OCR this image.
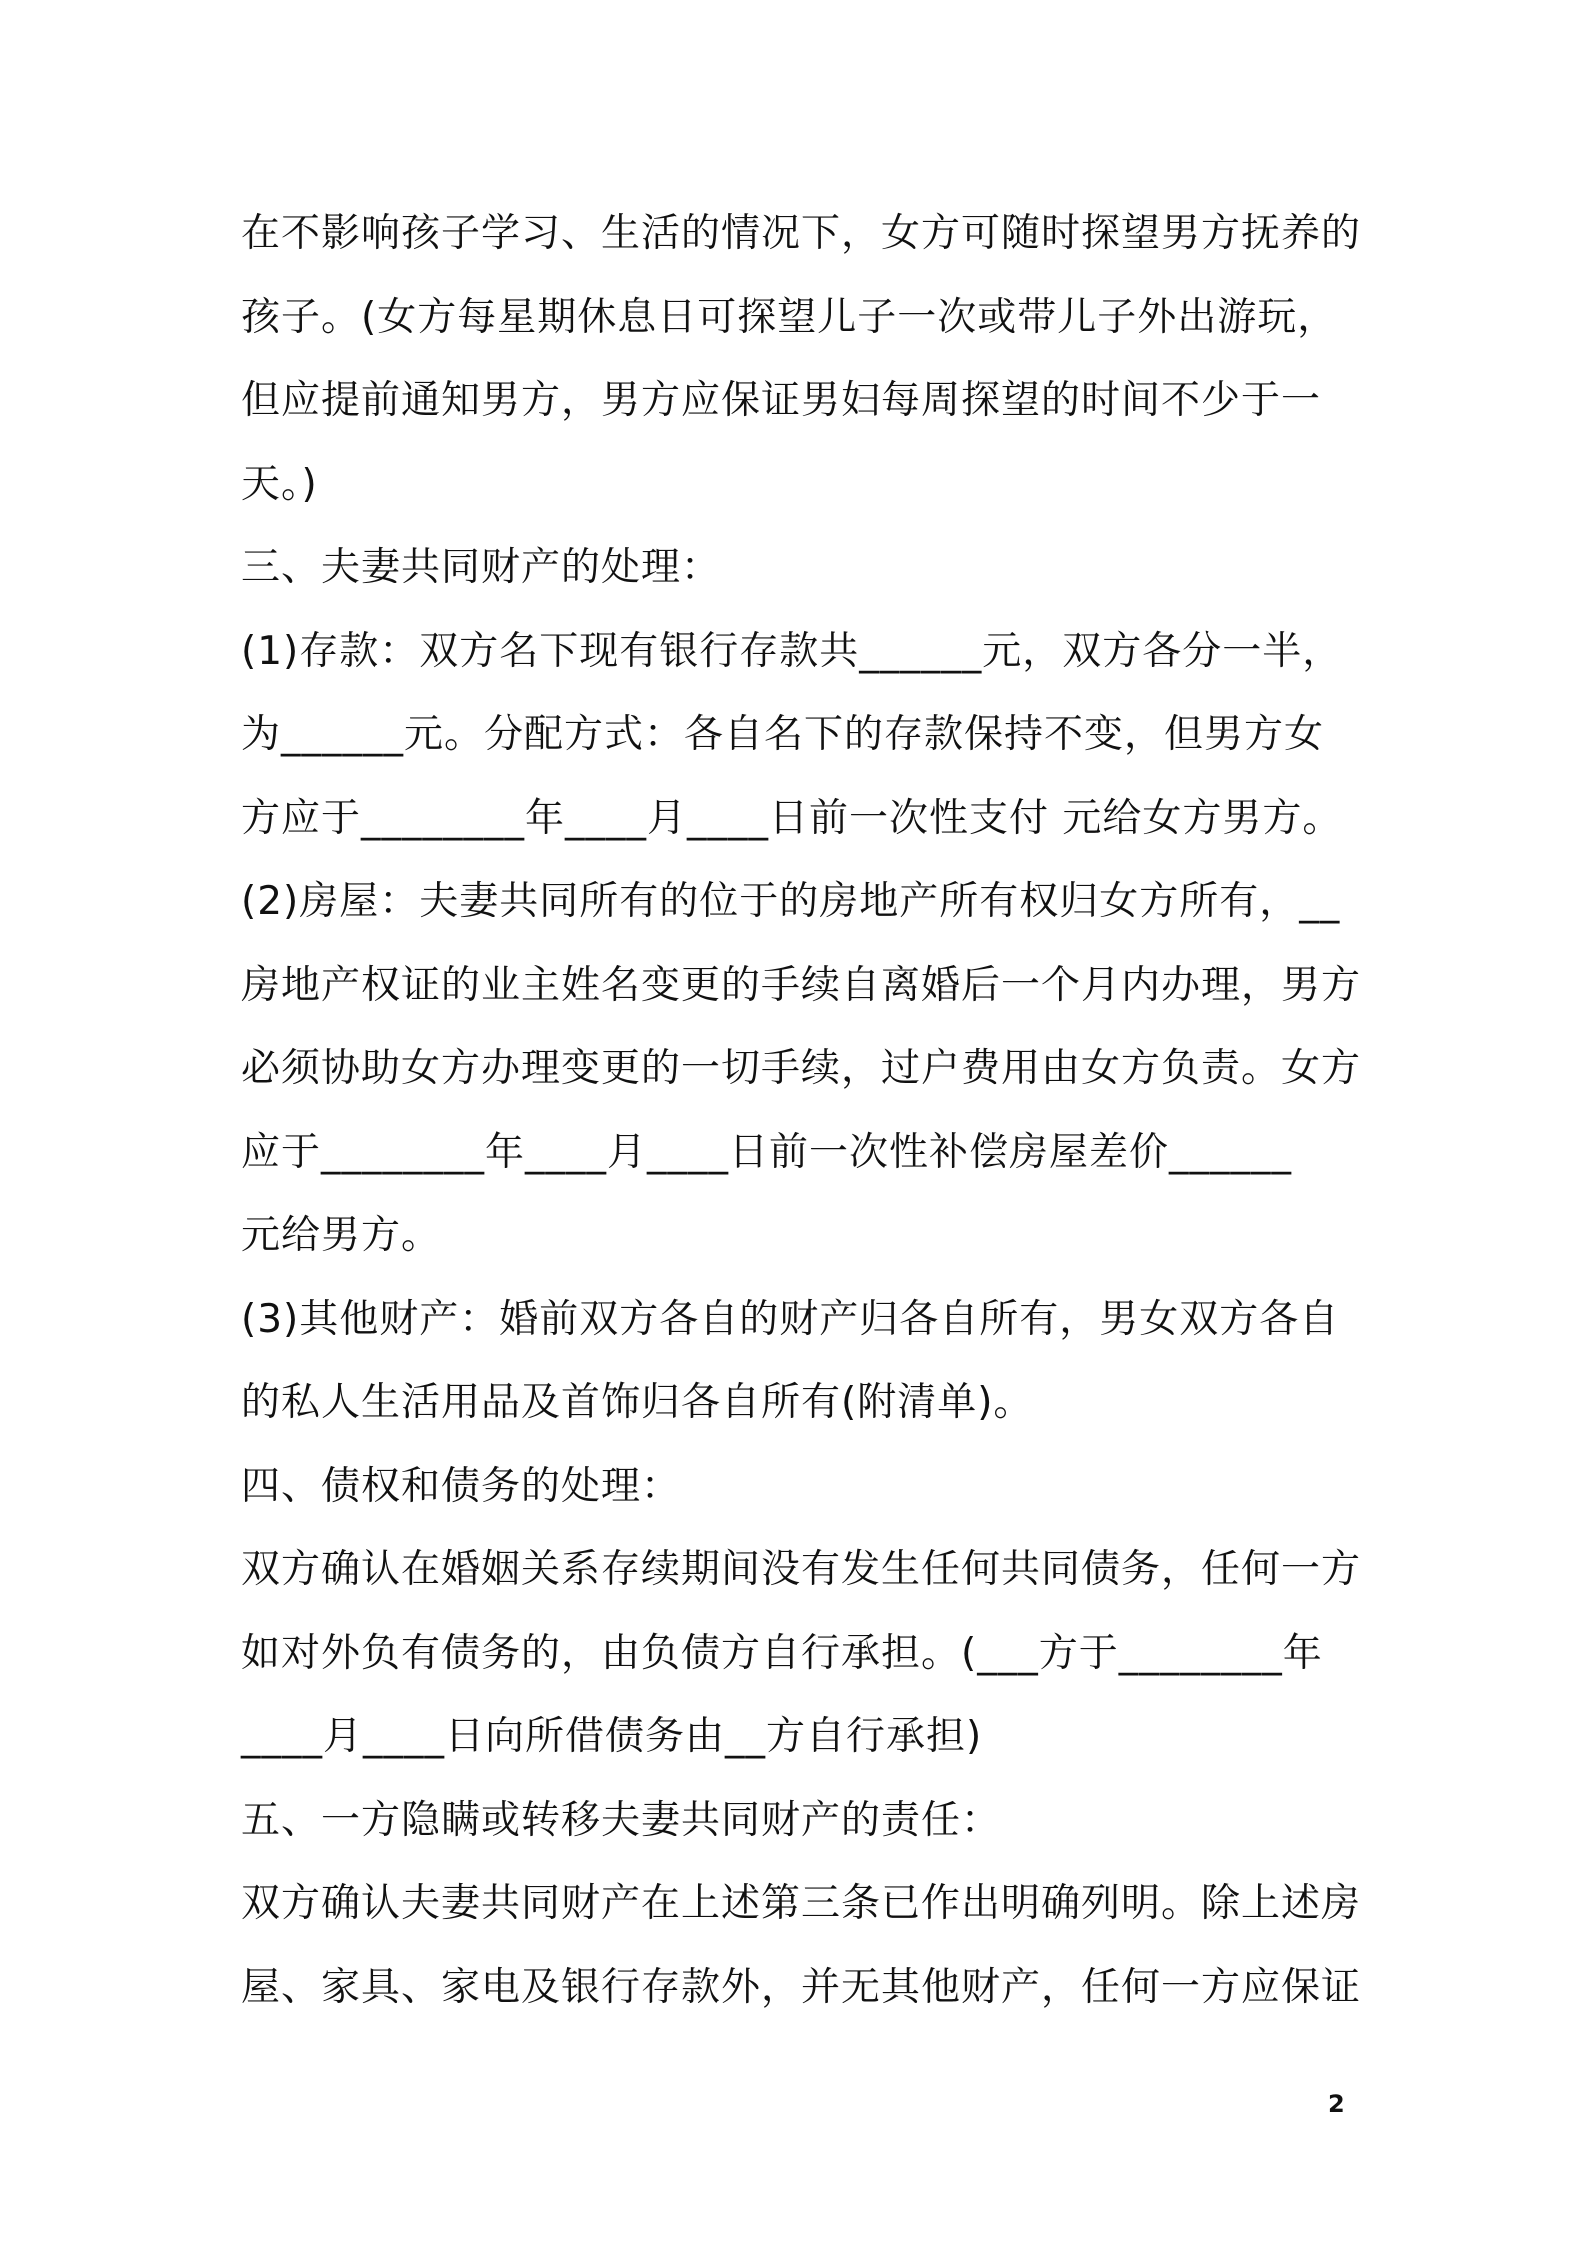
在不影响孩子学习、生活的情况下，女方可随时探望男方抚养的
孩子。(女方每星期休息日可探望儿子一次或带儿子外出游玩，
但应提前通知男方，男方应保证男妇每周探望的时间不少于一
天。)
三、夫妻共同财产的处理：
(1)存款：双方名下现有银行存款共______元，双方各分一半，
为______元。分配方式：各自名下的存款保持不变，但男方女
方应于________年____月____日前一次性支付 元给女方男方。
(2)房屋：夫妻共同所有的位于的房地产所有权归女方所有，__
房地产权证的业主姓名变更的手续自离婚后一个月内办理，男方
必须协助女方办理变更的一切手续，过户费用由女方负责。女方
应于________年____月____日前一次性补偿房屋差价______
元给男方。
(3)其他财产：婚前双方各自的财产归各自所有，男女双方各自
的私人生活用品及首饰归各自所有(附清单)。
四、债权和债务的处理：
双方确认在婚姻关系存续期间没有发生任何共同债务，任何一方
如对外负有债务的，由负债方自行承担。(___方于________年
____月____日向所借债务由__方自行承担)
五、一方隐瞒或转移夫妻共同财产的责任：
双方确认夫妻共同财产在上述第三条已作出明确列明。除上述房
屋、家具、家电及银行存款外，并无其他财产，任何一方应保证
2
